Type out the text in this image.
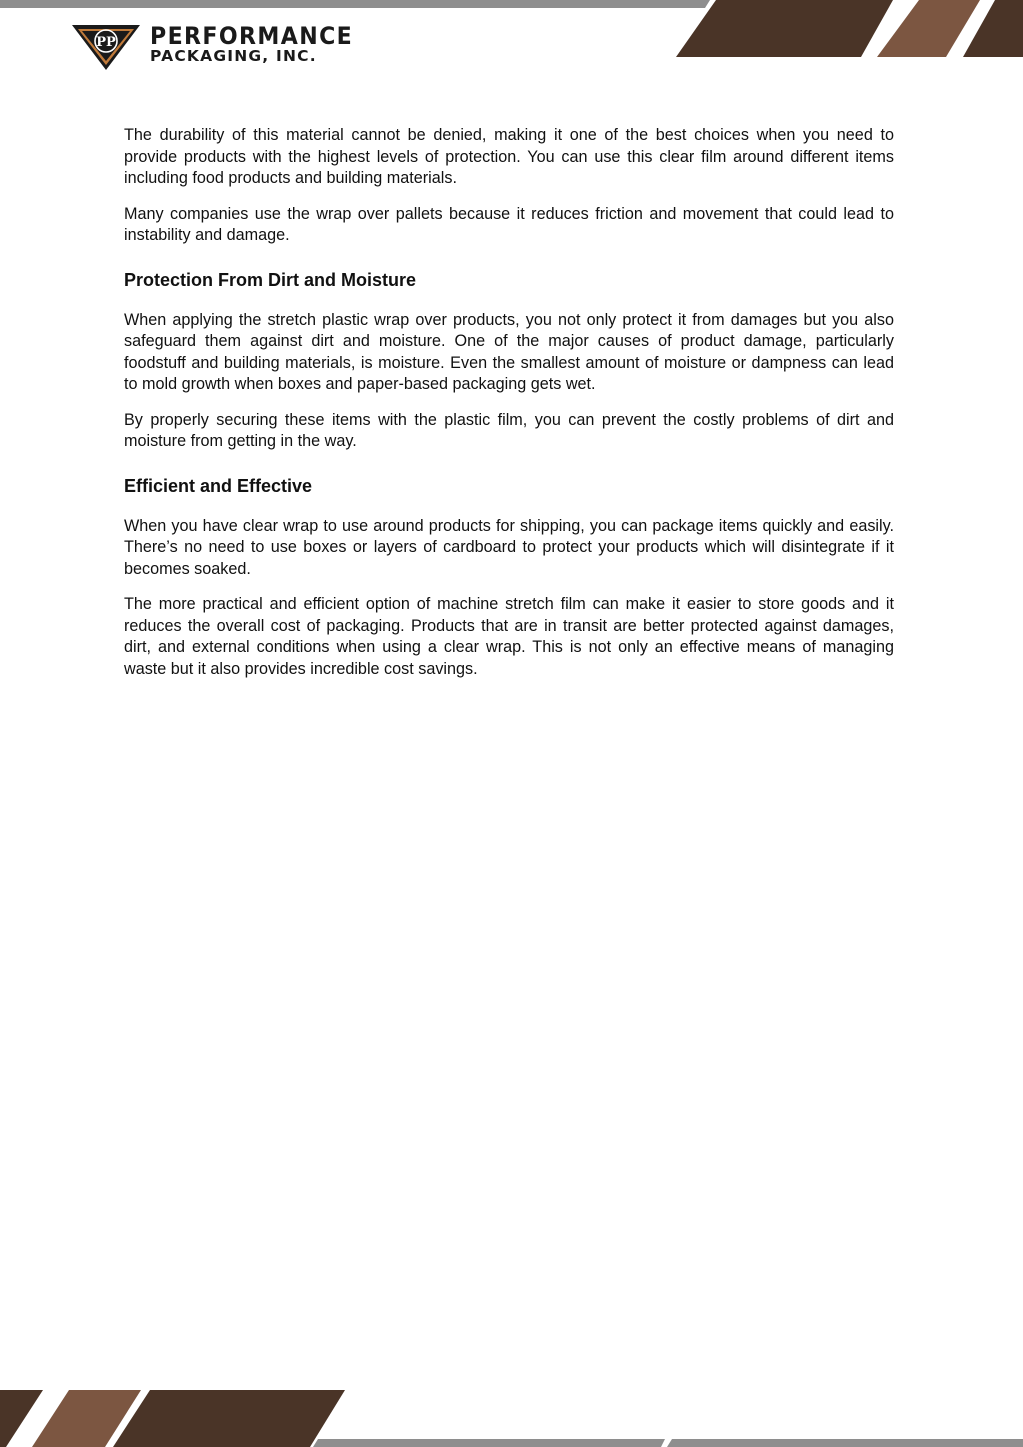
PP PERFORMANCE
PACKAGING, INC.

The durability of this material cannot be denied, making it one of the best choices when you need to provide products with the highest levels of protection. You can use this clear film around different items including food products and building materials.

Many companies use the wrap over pallets because it reduces friction and movement that could lead to instability and damage.

Protection From Dirt and Moisture

When applying the stretch plastic wrap over products, you not only protect it from damages but you also safeguard them against dirt and moisture. One of the major causes of product damage, particularly foodstuff and building materials, is moisture. Even the smallest amount of moisture or dampness can lead to mold growth when boxes and paper-based packaging gets wet.

By properly securing these items with the plastic film, you can prevent the costly problems of dirt and moisture from getting in the way.

Efficient and Effective

When you have clear wrap to use around products for shipping, you can package items quickly and easily. There’s no need to use boxes or layers of cardboard to protect your products which will disintegrate if it becomes soaked.

The more practical and efficient option of machine stretch film can make it easier to store goods and it reduces the overall cost of packaging. Products that are in transit are better protected against damages, dirt, and external conditions when using a clear wrap. This is not only an effective means of managing waste but it also provides incredible cost savings.
